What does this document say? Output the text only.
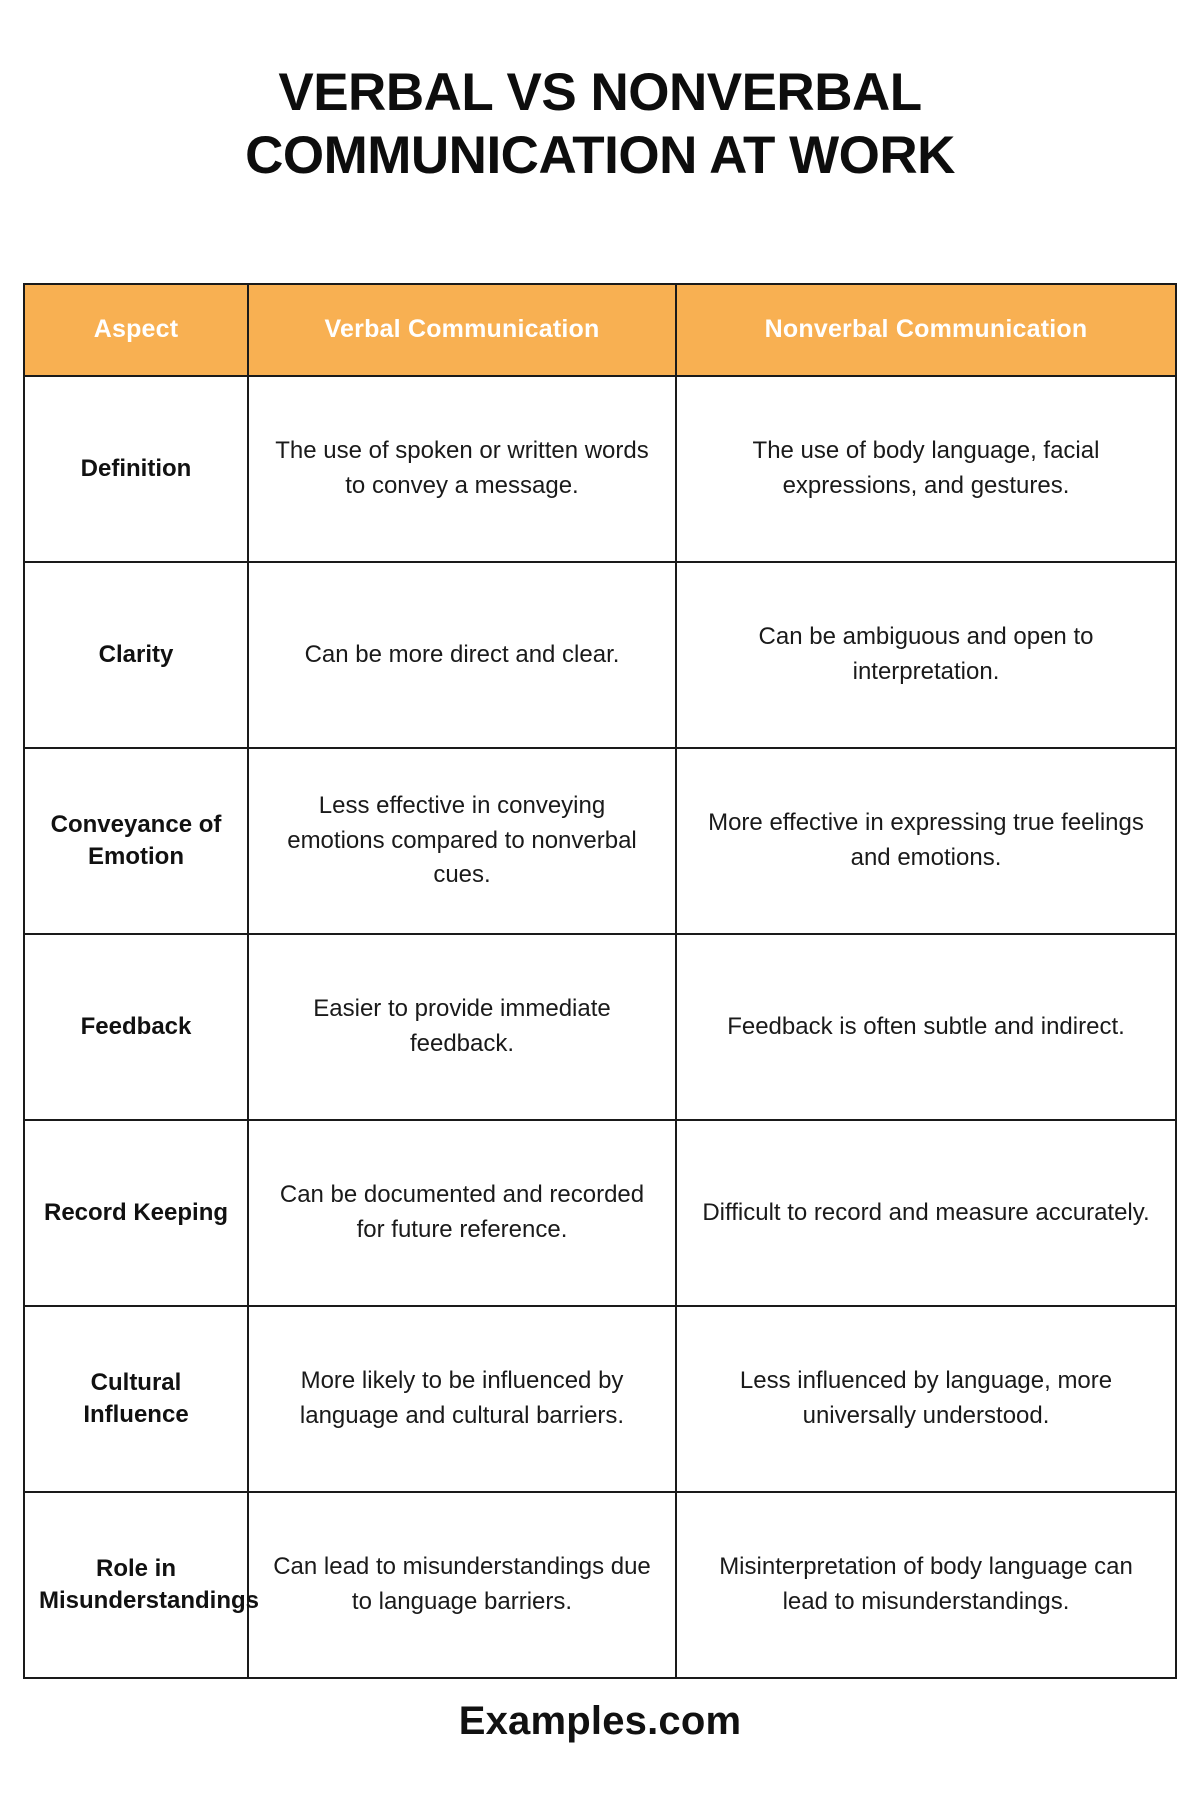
VERBAL VS NONVERBAL COMMUNICATION AT WORK
Aspect	Verbal Communication	Nonverbal Communication
Definition	The use of spoken or written words to convey a message.	The use of body language, facial expressions, and gestures.
Clarity	Can be more direct and clear.	Can be ambiguous and open to interpretation.
Conveyance of Emotion	Less effective in conveying emotions compared to nonverbal cues.	More effective in expressing true feelings and emotions.
Feedback	Easier to provide immediate feedback.	Feedback is often subtle and indirect.
Record Keeping	Can be documented and recorded for future reference.	Difficult to record and measure accurately.
Cultural Influence	More likely to be influenced by language and cultural barriers.	Less influenced by language, more universally understood.
Role in Misunderstandings	Can lead to misunderstandings due to language barriers.	Misinterpretation of body language can lead to misunderstandings.
Examples.com
